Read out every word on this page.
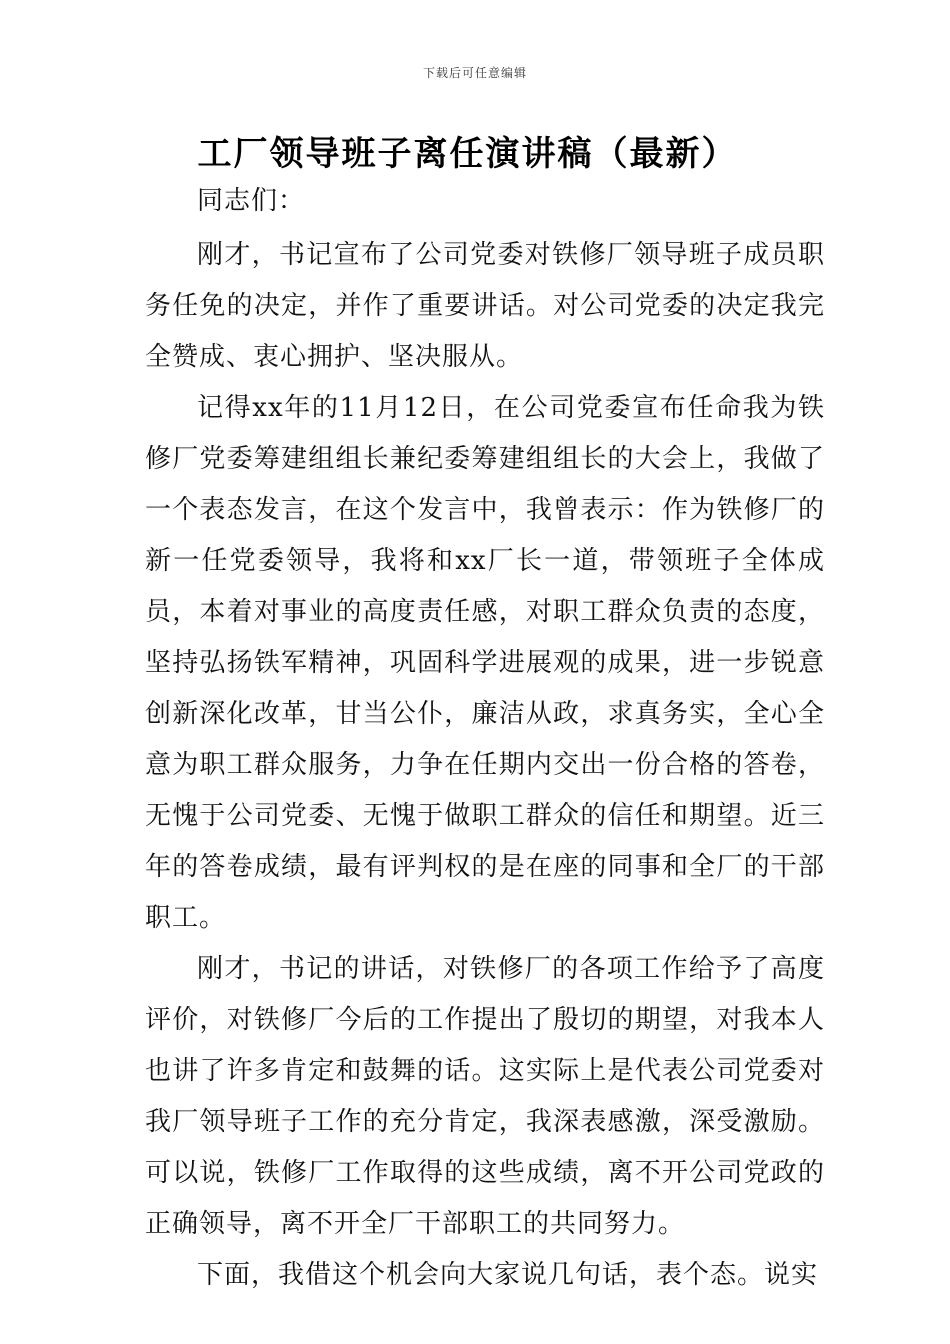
下载后可任意编辑
工厂领导班子离任演讲稿（最新）

同志们：

刚才，书记宣布了公司党委对铁修厂领导班子成员职务任免的决定，并作了重要讲话。对公司党委的决定我完全赞成、衷心拥护、坚决服从。

记得xx年的11月12日，在公司党委宣布任命我为铁修厂党委筹建组组长兼纪委筹建组组长的大会上，我做了一个表态发言，在这个发言中，我曾表示：作为铁修厂的新一任党委领导，我将和xx厂长一道，带领班子全体成员，本着对事业的高度责任感，对职工群众负责的态度，坚持弘扬铁军精神，巩固科学进展观的成果，进一步锐意创新深化改革，甘当公仆，廉洁从政，求真务实，全心全意为职工群众服务，力争在任期内交出一份合格的答卷，无愧于公司党委、无愧于做职工群众的信任和期望。近三年的答卷成绩，最有评判权的是在座的同事和全厂的干部职工。

刚才，书记的讲话，对铁修厂的各项工作给予了高度评价，对铁修厂今后的工作提出了殷切的期望，对我本人也讲了许多肯定和鼓舞的话。这实际上是代表公司党委对我厂领导班子工作的充分肯定，我深表感激，深受激励。可以说，铁修厂工作取得的这些成绩，离不开公司党政的正确领导，离不开全厂干部职工的共同努力。

下面，我借这个机会向大家说几句话，表个态。说实
